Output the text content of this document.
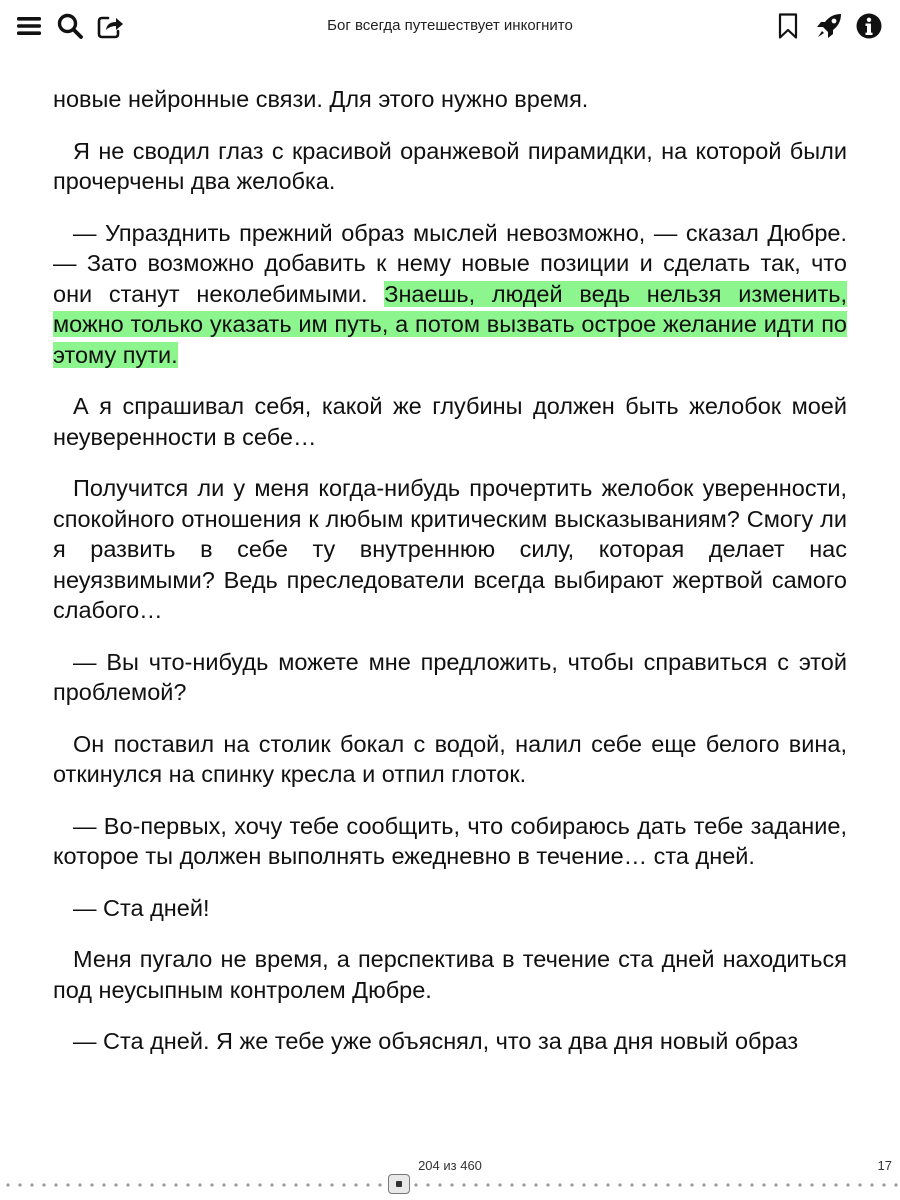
Бог всегда путешествует инкогнито

новые нейронные связи. Для этого нужно время.

Я не сводил глаз с красивой оранжевой пирамидки, на которой были прочерчены два желобка.

— Упразднить прежний образ мыслей невозможно, — сказал Дюбре. — Зато возможно добавить к нему новые позиции и сделать так, что они станут неколебимыми. Знаешь, людей ведь нельзя изменить, можно только указать им путь, а потом вызвать острое желание идти по этому пути.

А я спрашивал себя, какой же глубины должен быть желобок моей неуверенности в себе…

Получится ли у меня когда-нибудь прочертить желобок уверенности, спокойного отношения к любым критическим высказываниям? Смогу ли я развить в себе ту внутреннюю силу, которая делает нас неуязвимыми? Ведь преследователи всегда выбирают жертвой самого слабого…

— Вы что-нибудь можете мне предложить, чтобы справиться с этой проблемой?

Он поставил на столик бокал с водой, налил себе еще белого вина, откинулся на спинку кресла и отпил глоток.

— Во-первых, хочу тебе сообщить, что собираюсь дать тебе задание, которое ты должен выполнять ежедневно в течение… ста дней.

— Ста дней!

Меня пугало не время, а перспектива в течение ста дней находиться под неусыпным контролем Дюбре.

— Ста дней. Я же тебе уже объяснял, что за два дня новый образ

204 из 460	17
